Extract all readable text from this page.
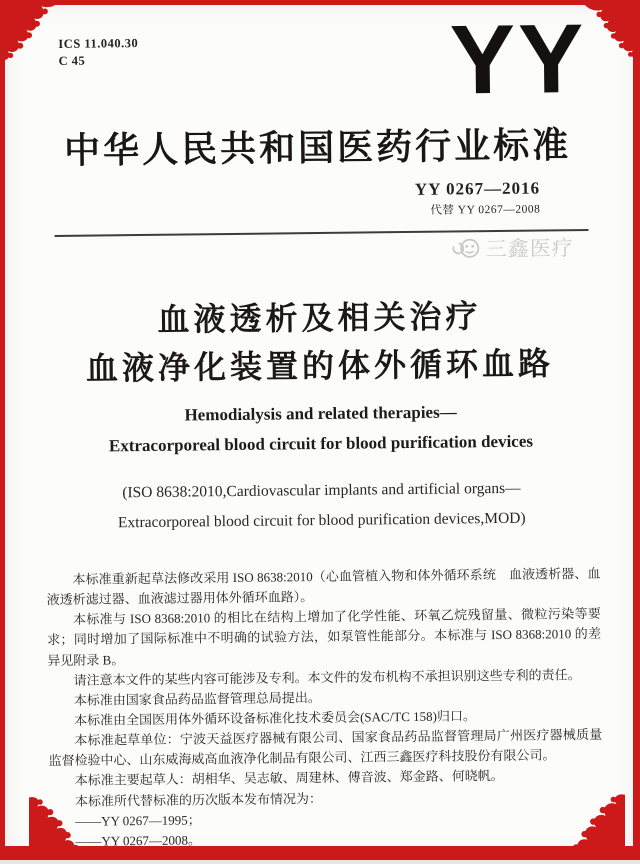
ICS 11.040.30
C 45	YY
中华人民共和国医药行业标准
YY 0267—2016
代替 YY 0267—2008
三鑫医疗
血液透析及相关治疗
血液净化装置的体外循环血路
Hemodialysis and related therapies—
Extracorporeal blood circuit for blood purification devices
(ISO 8638:2010,Cardiovascular implants and artificial organs—
Extracorporeal blood circuit for blood purification devices,MOD)

本标准重新起草法修改采用 ISO 8638:2010（心血管植入物和体外循环系统　血液透析器、血液透析滤过器、血液滤过器用体外循环血路）。

本标准与 ISO 8368:2010 的相比在结构上增加了化学性能、环氧乙烷残留量、微粒污染等要求；同时增加了国际标准中不明确的试验方法，如泵管性能部分。本标准与 ISO 8368:2010 的差异见附录 B。

请注意本文件的某些内容可能涉及专利。本文件的发布机构不承担识别这些专利的责任。

本标准由国家食品药品监督管理总局提出。

本标准由全国医用体外循环设备标准化技术委员会(SAC/TC 158)归口。

本标准起草单位：宁波天益医疗器械有限公司、国家食品药品监督管理局广州医疗器械质量监督检验中心、山东威海威高血液净化制品有限公司、江西三鑫医疗科技股份有限公司。

本标准主要起草人：胡相华、吴志敏、周建林、傅音波、郑金路、何晓帆。

本标准所代替标准的历次版本发布情况为：

——YY 0267—1995；

——YY 0267—2008。
